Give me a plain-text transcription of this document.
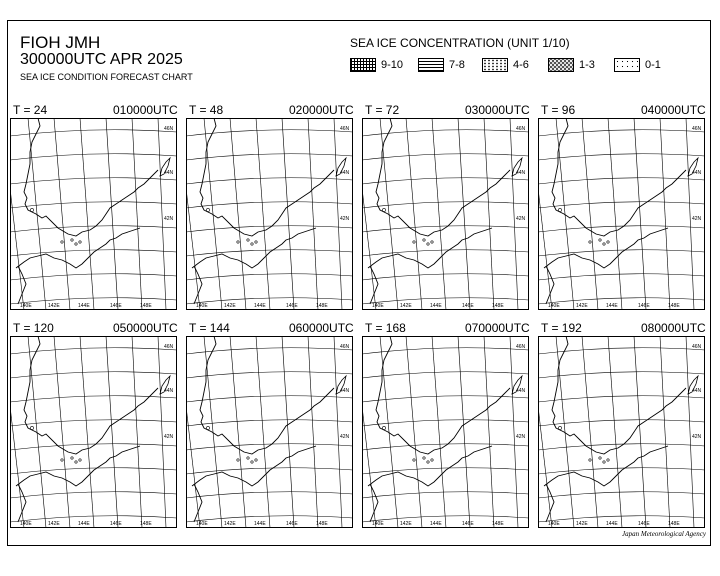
FIOH JMH
300000UTC APR 2025
SEA ICE CONDITION FORECAST CHART
SEA ICE CONCENTRATION (UNIT 1/10)
9-10	7-8	4-6	1-3	0-1
T = 24	010000UTC T = 48	020000UTC T = 72	030000UTC T = 96	040000UTC
T = 120	050000UTC T = 144	060000UTC T = 168	070000UTC T = 192	080000UTC
46N
44N
42N
140E	142E	144E	146E	148E
46N
44N
42N
140E	142E	144E	146E	148E
46N
44N
42N
140E	142E	144E	146E	148E
46N
44N
42N
140E	142E	144E	146E	148E
46N
44N
42N
140E	142E	144E	146E	148E
46N
44N
42N
140E	142E	144E	146E	148E
46N
44N
42N
140E	142E	144E	146E	148E
46N
44N
42N
140E	142E	144E	146E	148E
Japan Meteorological Agency
